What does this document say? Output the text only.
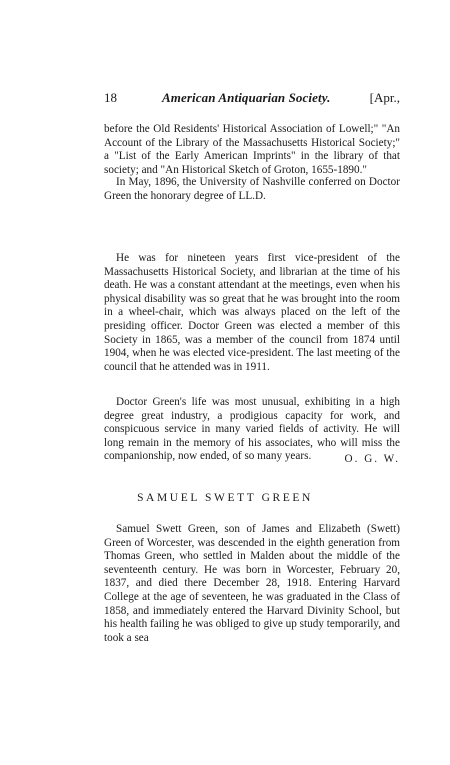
18	American Antiquarian Society.	[Apr.,

before the Old Residents' Historical Association of Lowell;" "An Account of the Library of the Massachusetts Historical Society;" a "List of the Early American Imprints" in the library of that society; and "An Historical Sketch of Groton, 1655-1890."

In May, 1896, the University of Nashville conferred on Doctor Green the honorary degree of LL.D.

He was for nineteen years first vice-president of the Massachusetts Historical Society, and librarian at the time of his death. He was a constant attendant at the meetings, even when his physical disability was so great that he was brought into the room in a wheel-chair, which was always placed on the left of the presiding officer. Doctor Green was elected a member of this Society in 1865, was a member of the council from 1874 until 1904, when he was elected vice-president. The last meeting of the council that he attended was in 1911.

Doctor Green's life was most unusual, exhibiting in a high degree great industry, a prodigious capacity for work, and conspicuous service in many varied fields of activity. He will long remain in the memory of his associates, who will miss the companionship, now ended, of so many years.	O. G. W.
SAMUEL SWETT GREEN

Samuel Swett Green, son of James and Elizabeth (Swett) Green of Worcester, was descended in the eighth generation from Thomas Green, who settled in Malden about the middle of the seventeenth century. He was born in Worcester, February 20, 1837, and died there December 28, 1918. Entering Harvard College at the age of seventeen, he was graduated in the Class of 1858, and immediately entered the Harvard Divinity School, but his health failing he was obliged to give up study temporarily, and took a sea
